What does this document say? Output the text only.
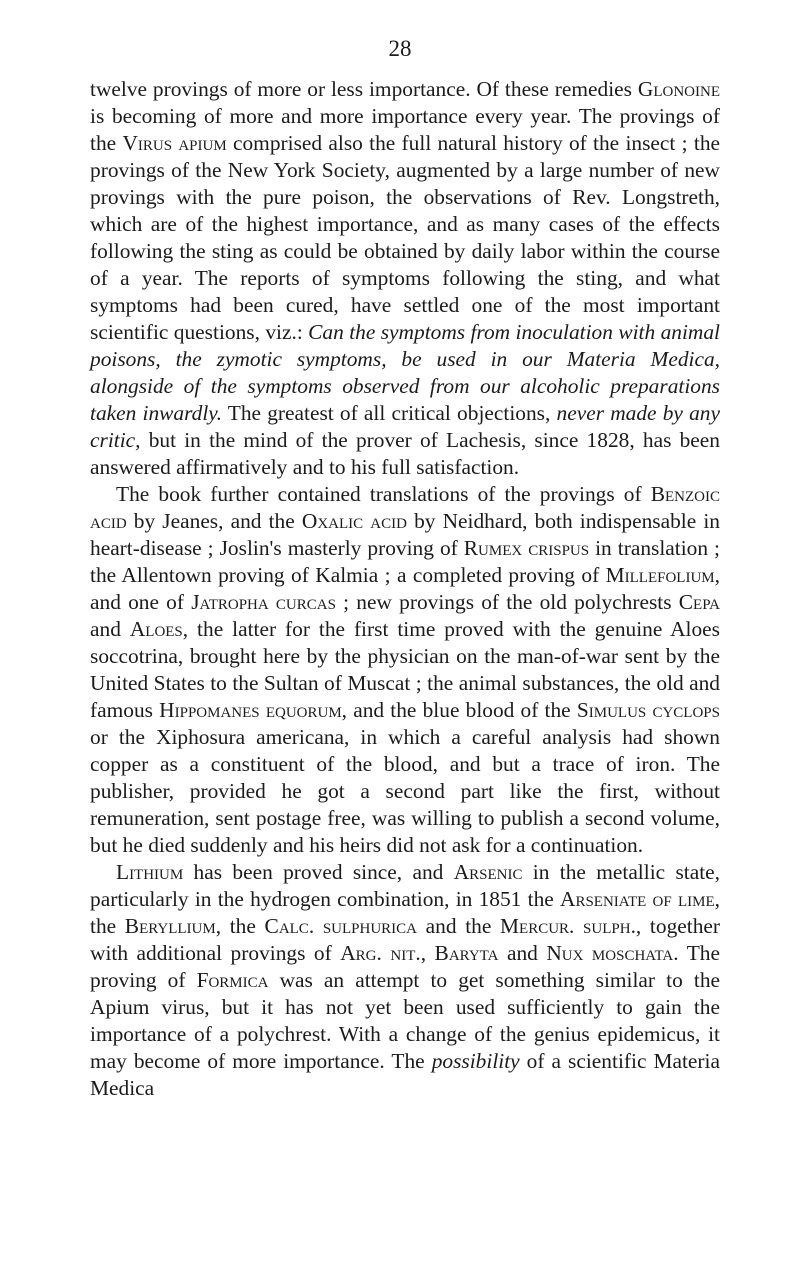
28

twelve provings of more or less importance. Of these remedies Glonoine is becoming of more and more importance every year. The provings of the Virus apium comprised also the full natural history of the insect ; the provings of the New York Society, augmented by a large number of new provings with the pure poison, the observations of Rev. Longstreth, which are of the highest importance, and as many cases of the effects following the sting as could be obtained by daily labor within the course of a year. The reports of symptoms following the sting, and what symptoms had been cured, have settled one of the most important scientific questions, viz.: Can the symptoms from inoculation with animal poisons, the zymotic symptoms, be used in our Materia Medica, alongside of the symptoms observed from our alcoholic preparations taken inwardly. The greatest of all critical objections, never made by any critic, but in the mind of the prover of Lachesis, since 1828, has been answered affirmatively and to his full satisfaction.

The book further contained translations of the provings of Benzoic acid by Jeanes, and the Oxalic acid by Neidhard, both indispensable in heart-disease ; Joslin's masterly proving of Rumex crispus in translation ; the Allentown proving of Kalmia ; a completed proving of Millefolium, and one of Jatropha curcas ; new provings of the old polychrests Cepa and Aloes, the latter for the first time proved with the genuine Aloes soccotrina, brought here by the physician on the man-of-war sent by the United States to the Sultan of Muscat ; the animal substances, the old and famous Hippomanes equorum, and the blue blood of the Simulus cyclops or the Xiphosura americana, in which a careful analysis had shown copper as a constituent of the blood, and but a trace of iron. The publisher, provided he got a second part like the first, without remuneration, sent postage free, was willing to publish a second volume, but he died suddenly and his heirs did not ask for a continuation.

Lithium has been proved since, and Arsenic in the metallic state, particularly in the hydrogen combination, in 1851 the Arseniate of lime, the Beryllium, the Calc. sulphurica and the Mercur. sulph., together with additional provings of Arg. nit., Baryta and Nux moschata. The proving of Formica was an attempt to get something similar to the Apium virus, but it has not yet been used sufficiently to gain the importance of a polychrest. With a change of the genius epidemicus, it may become of more importance. The possibility of a scientific Materia Medica
